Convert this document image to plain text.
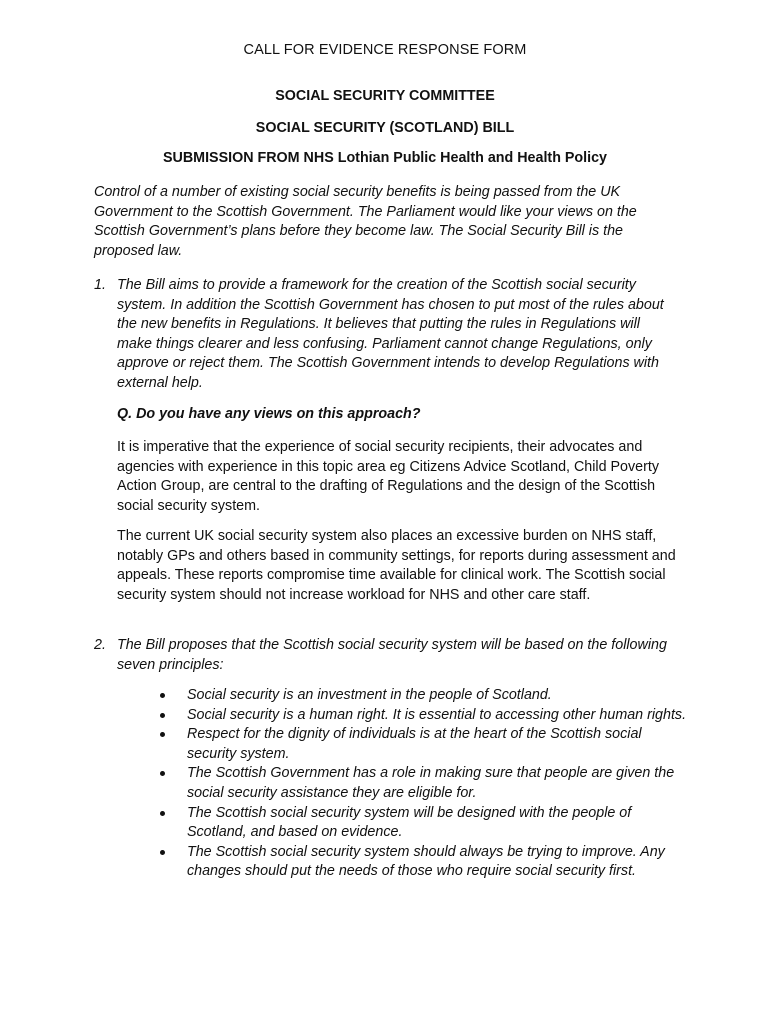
CALL FOR EVIDENCE RESPONSE FORM
SOCIAL SECURITY COMMITTEE
SOCIAL SECURITY (SCOTLAND) BILL
SUBMISSION FROM NHS Lothian Public Health and Health Policy

Control of a number of existing social security benefits is being passed from the UK Government to the Scottish Government. The Parliament would like your views on the Scottish Government’s plans before they become law. The Social Security Bill is the proposed law.

1. The Bill aims to provide a framework for the creation of the Scottish social security system. In addition the Scottish Government has chosen to put most of the rules about the new benefits in Regulations. It believes that putting the rules in Regulations will make things clearer and less confusing. Parliament cannot change Regulations, only approve or reject them. The Scottish Government intends to develop Regulations with external help.

Q. Do you have any views on this approach?

It is imperative that the experience of social security recipients, their advocates and agencies with experience in this topic area eg Citizens Advice Scotland, Child Poverty Action Group, are central to the drafting of Regulations and the design of the Scottish social security system.

The current UK social security system also places an excessive burden on NHS staff, notably GPs and others based in community settings, for reports during assessment and appeals. These reports compromise time available for clinical work. The Scottish social security system should not increase workload for NHS and other care staff.

2. The Bill proposes that the Scottish social security system will be based on the following seven principles:

Social security is an investment in the people of Scotland.
Social security is a human right. It is essential to accessing other human rights.
Respect for the dignity of individuals is at the heart of the Scottish social security system.
The Scottish Government has a role in making sure that people are given the social security assistance they are eligible for.
The Scottish social security system will be designed with the people of Scotland, and based on evidence.
The Scottish social security system should always be trying to improve. Any changes should put the needs of those who require social security first.
